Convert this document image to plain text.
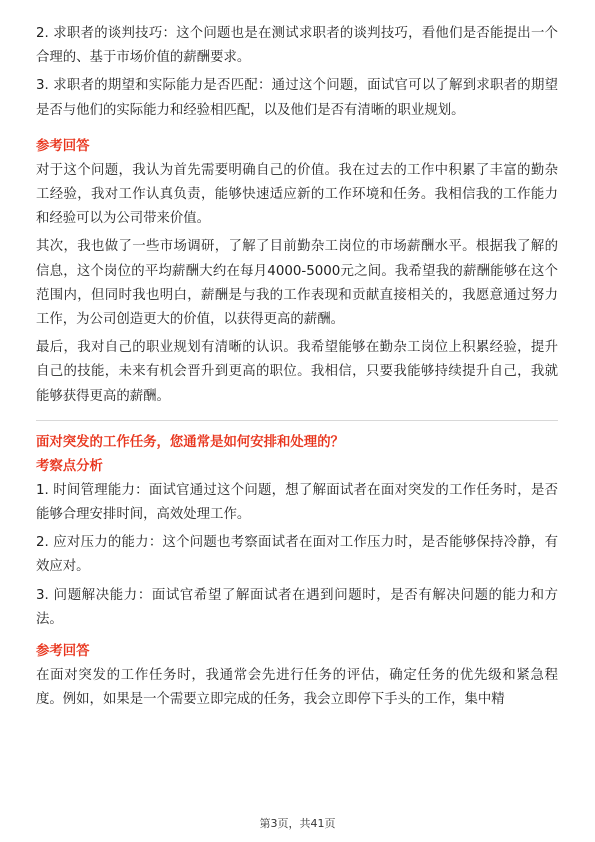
2. 求职者的谈判技巧：这个问题也是在测试求职者的谈判技巧，看他们是否能提出一个合理的、基于市场价值的薪酬要求。

3. 求职者的期望和实际能力是否匹配：通过这个问题，面试官可以了解到求职者的期望是否与他们的实际能力和经验相匹配，以及他们是否有清晰的职业规划。

参考回答

对于这个问题，我认为首先需要明确自己的价值。我在过去的工作中积累了丰富的勤杂工经验，我对工作认真负责，能够快速适应新的工作环境和任务。我相信我的工作能力和经验可以为公司带来价值。

其次，我也做了一些市场调研，了解了目前勤杂工岗位的市场薪酬水平。根据我了解的信息，这个岗位的平均薪酬大约在每月4000-5000元之间。我希望我的薪酬能够在这个范围内，但同时我也明白，薪酬是与我的工作表现和贡献直接相关的，我愿意通过努力工作，为公司创造更大的价值，以获得更高的薪酬。

最后，我对自己的职业规划有清晰的认识。我希望能够在勤杂工岗位上积累经验，提升自己的技能，未来有机会晋升到更高的职位。我相信，只要我能够持续提升自己，我就能够获得更高的薪酬。

面对突发的工作任务，您通常是如何安排和处理的？

考察点分析

1. 时间管理能力：面试官通过这个问题，想了解面试者在面对突发的工作任务时，是否能够合理安排时间，高效处理工作。

2. 应对压力的能力：这个问题也考察面试者在面对工作压力时，是否能够保持冷静，有效应对。

3. 问题解决能力：面试官希望了解面试者在遇到问题时，是否有解决问题的能力和方法。

参考回答

在面对突发的工作任务时，我通常会先进行任务的评估，确定任务的优先级和紧急程度。例如，如果是一个需要立即完成的任务，我会立即停下手头的工作，集中精

第3页，共41页
